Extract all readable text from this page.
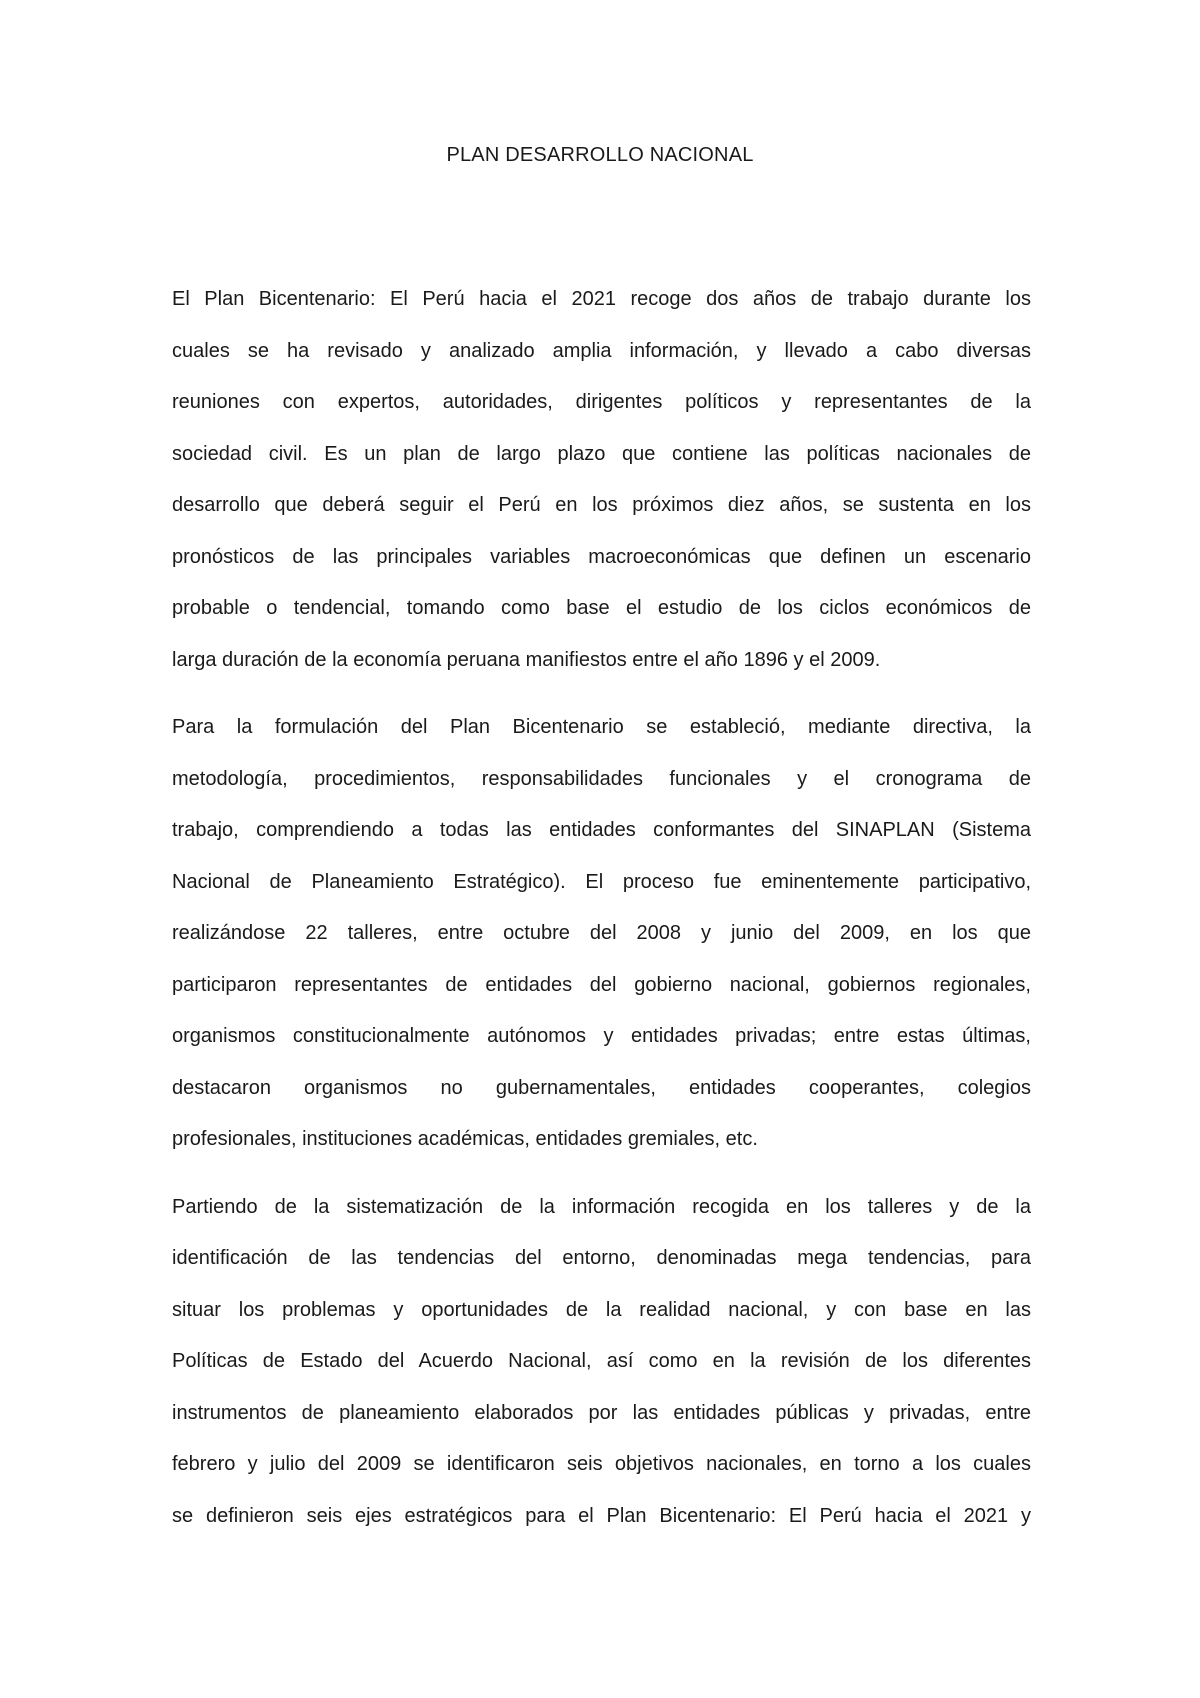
PLAN DESARROLLO NACIONAL

El Plan Bicentenario: El Perú hacia el 2021 recoge dos años de trabajo durante los
cuales se ha revisado y analizado amplia información, y llevado a cabo diversas
reuniones con expertos, autoridades, dirigentes políticos y representantes de la
sociedad civil. Es un plan de largo plazo que contiene las políticas nacionales de
desarrollo que deberá seguir el Perú en los próximos diez años, se sustenta en los
pronósticos de las principales variables macroeconómicas que definen un escenario
probable o tendencial, tomando como base el estudio de los ciclos económicos de
larga duración de la economía peruana manifiestos entre el año 1896 y el 2009.

Para la formulación del Plan Bicentenario se estableció, mediante directiva, la
metodología, procedimientos, responsabilidades funcionales y el cronograma de
trabajo, comprendiendo a todas las entidades conformantes del SINAPLAN (Sistema
Nacional de Planeamiento Estratégico). El proceso fue eminentemente participativo,
realizándose 22 talleres, entre octubre del 2008 y junio del 2009, en los que
participaron representantes de entidades del gobierno nacional, gobiernos regionales,
organismos constitucionalmente autónomos y entidades privadas; entre estas últimas,
destacaron organismos no gubernamentales, entidades cooperantes, colegios
profesionales, instituciones académicas, entidades gremiales, etc.

Partiendo de la sistematización de la información recogida en los talleres y de la
identificación de las tendencias del entorno, denominadas mega tendencias, para
situar los problemas y oportunidades de la realidad nacional, y con base en las
Políticas de Estado del Acuerdo Nacional, así como en la revisión de los diferentes
instrumentos de planeamiento elaborados por las entidades públicas y privadas, entre
febrero y julio del 2009 se identificaron seis objetivos nacionales, en torno a los cuales
se definieron seis ejes estratégicos para el Plan Bicentenario: El Perú hacia el 2021 y
